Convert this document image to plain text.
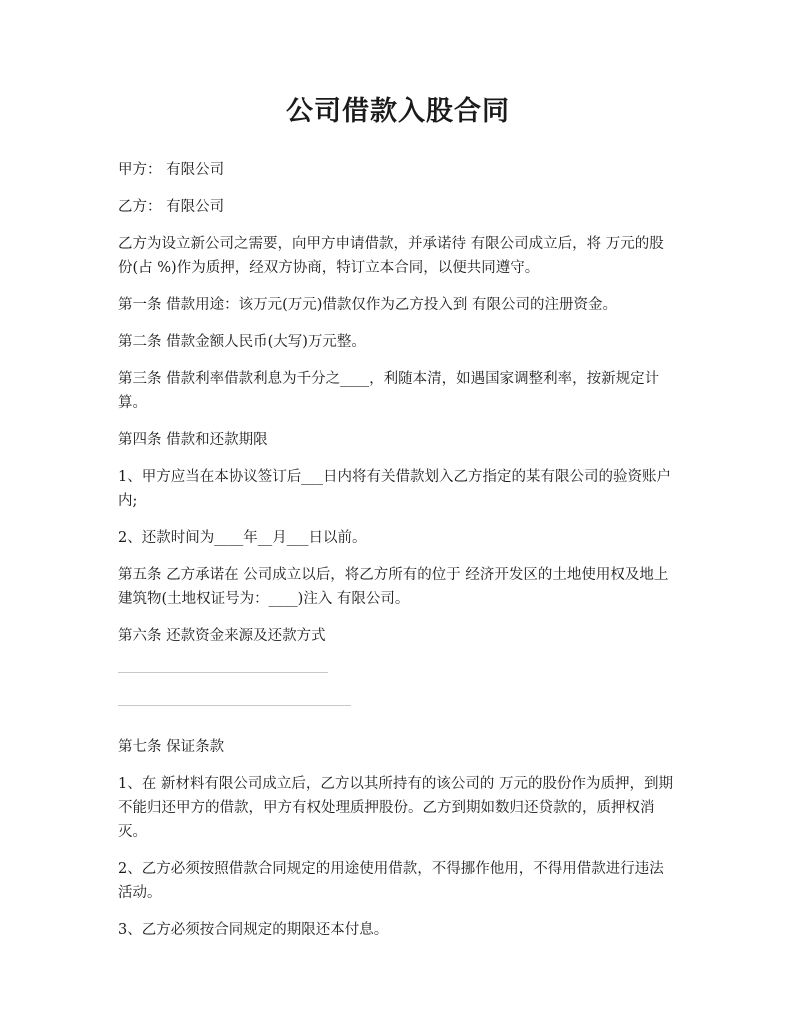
公司借款入股合同

甲方： 有限公司

乙方： 有限公司

乙方为设立新公司之需要，向甲方申请借款，并承诺待 有限公司成立后，将 万元的股份(占 %)作为质押，经双方协商，特订立本合同，以便共同遵守。

第一条 借款用途：该万元(万元)借款仅作为乙方投入到 有限公司的注册资金。

第二条 借款金额人民币(大写)万元整。

第三条 借款利率借款利息为千分之____，利随本清，如遇国家调整利率，按新规定计算。

第四条 借款和还款期限

1、甲方应当在本协议签订后___日内将有关借款划入乙方指定的某有限公司的验资账户内;

2、还款时间为____年__月___日以前。

第五条 乙方承诺在 公司成立以后，将乙方所有的位于 经济开发区的土地使用权及地上建筑物(土地权证号为：____)注入 有限公司。

第六条 还款资金来源及还款方式

第七条 保证条款

1、在 新材料有限公司成立后，乙方以其所持有的该公司的 万元的股份作为质押，到期不能归还甲方的借款，甲方有权处理质押股份。乙方到期如数归还贷款的，质押权消灭。

2、乙方必须按照借款合同规定的用途使用借款，不得挪作他用，不得用借款进行违法活动。

3、乙方必须按合同规定的期限还本付息。
